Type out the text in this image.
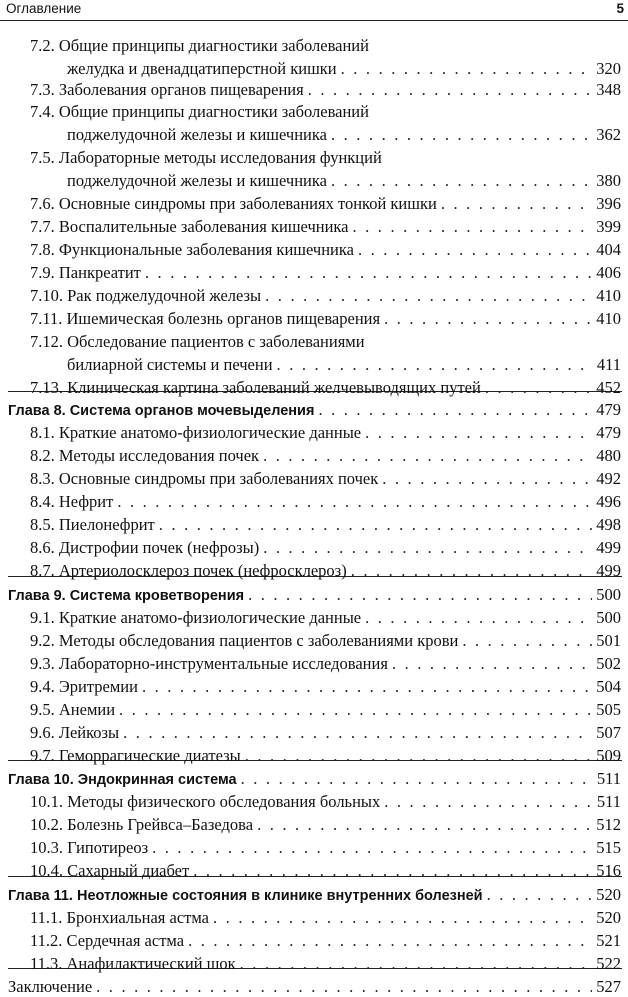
Оглавление	5
7.2. Общие принципы диагностики заболеваний
желудка и двенадцатиперстной кишки . . .	320
7.3. Заболевания органов пищеварения . . .	348
7.4. Общие принципы диагностики заболеваний
поджелудочной железы и кишечника . . .	362
7.5. Лабораторные методы исследования функций
поджелудочной железы и кишечника . . .	380
7.6. Основные синдромы при заболеваниях тонкой кишки . . .	396
7.7. Воспалительные заболевания кишечника . . .	399
7.8. Функциональные заболевания кишечника . . .	404
7.9. Панкреатит . . .	406
7.10. Рак поджелудочной железы . . .	410
7.11. Ишемическая болезнь органов пищеварения . . .	410
7.12. Обследование пациентов с заболеваниями
билиарной системы и печени . . .	411
7.13. Клиническая картина заболеваний желчевыводящих путей . . .	452
Глава 8. Система органов мочевыделения . . .	479
8.1. Краткие анатомо-физиологические данные . . .	479
8.2. Методы исследования почек . . .	480
8.3. Основные синдромы при заболеваниях почек . . .	492
8.4. Нефрит . . .	496
8.5. Пиелонефрит . . .	498
8.6. Дистрофии почек (нефрозы) . . .	499
8.7. Артериолосклероз почек (нефросклероз) . . .	499
Глава 9. Система кроветворения . . .	500
9.1. Краткие анатомо-физиологические данные . . .	500
9.2. Методы обследования пациентов с заболеваниями крови . . .	501
9.3. Лабораторно-инструментальные исследования . . .	502
9.4. Эритремии . . .	504
9.5. Анемии . . .	505
9.6. Лейкозы . . .	507
9.7. Геморрагические диатезы . . .	509
Глава 10. Эндокринная система . . .	511
10.1. Методы физического обследования больных . . .	511
10.2. Болезнь Грейвса–Базедова . . .	512
10.3. Гипотиреоз . . .	515
10.4. Сахарный диабет . . .	516
Глава 11. Неотложные состояния в клинике внутренних болезней . . .	520
11.1. Бронхиальная астма . . .	520
11.2. Сердечная астма . . .	521
11.3. Анафилактический шок . . .	522
Заключение . . .	527
